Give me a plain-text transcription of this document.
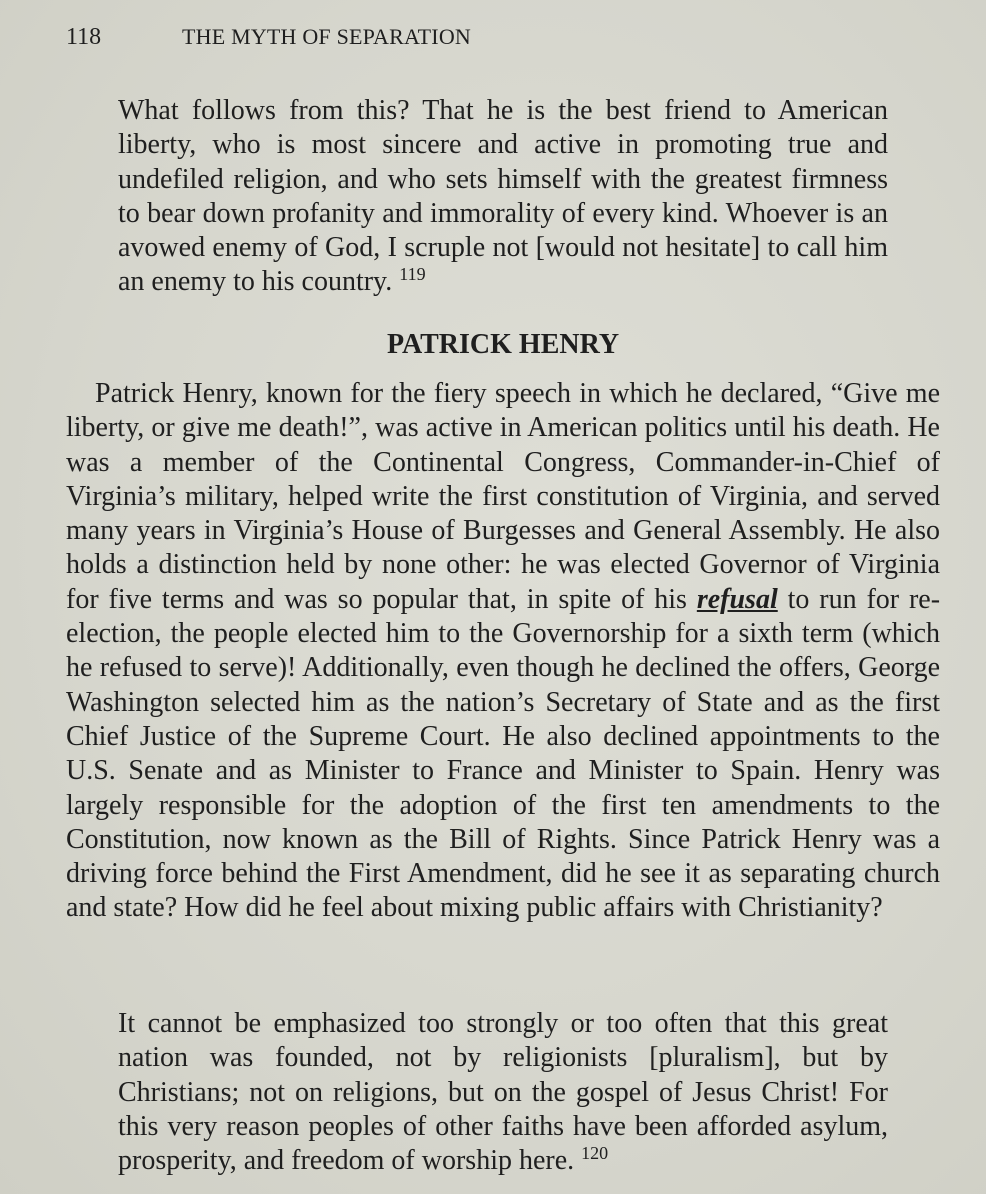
118	THE MYTH OF SEPARATION

What follows from this? That he is the best friend to American liberty, who is most sincere and active in promoting true and undefiled religion, and who sets himself with the greatest firmness to bear down profanity and immorality of every kind. Whoever is an avowed enemy of God, I scruple not [would not hesitate] to call him an enemy to his country. $^{119}$

PATRICK HENRY

Patrick Henry, known for the fiery speech in which he declared, “Give me liberty, or give me death!”, was active in American politics until his death. He was a member of the Continental Congress, Commander-in-Chief of Virginia’s military, helped write the first constitution of Virginia, and served many years in Virginia’s House of Burgesses and General Assembly. He also holds a distinction held by none other: he was elected Governor of Virginia for five terms and was so popular that, in spite of his refusal to run for re-election, the people elected him to the Governorship for a sixth term (which he refused to serve)! Additionally, even though he declined the offers, George Washington selected him as the nation’s Secretary of State and as the first Chief Justice of the Supreme Court. He also declined appointments to the U.S. Senate and as Minister to France and Minister to Spain. Henry was largely responsible for the adoption of the first ten amendments to the Constitution, now known as the Bill of Rights. Since Patrick Henry was a driving force behind the First Amendment, did he see it as separating church and state? How did he feel about mixing public affairs with Christianity?

It cannot be emphasized too strongly or too often that this great nation was founded, not by religionists [pluralism], but by Christians; not on religions, but on the gospel of Jesus Christ! For this very reason peoples of other faiths have been afforded asylum, prosperity, and freedom of worship here. $^{120}$
